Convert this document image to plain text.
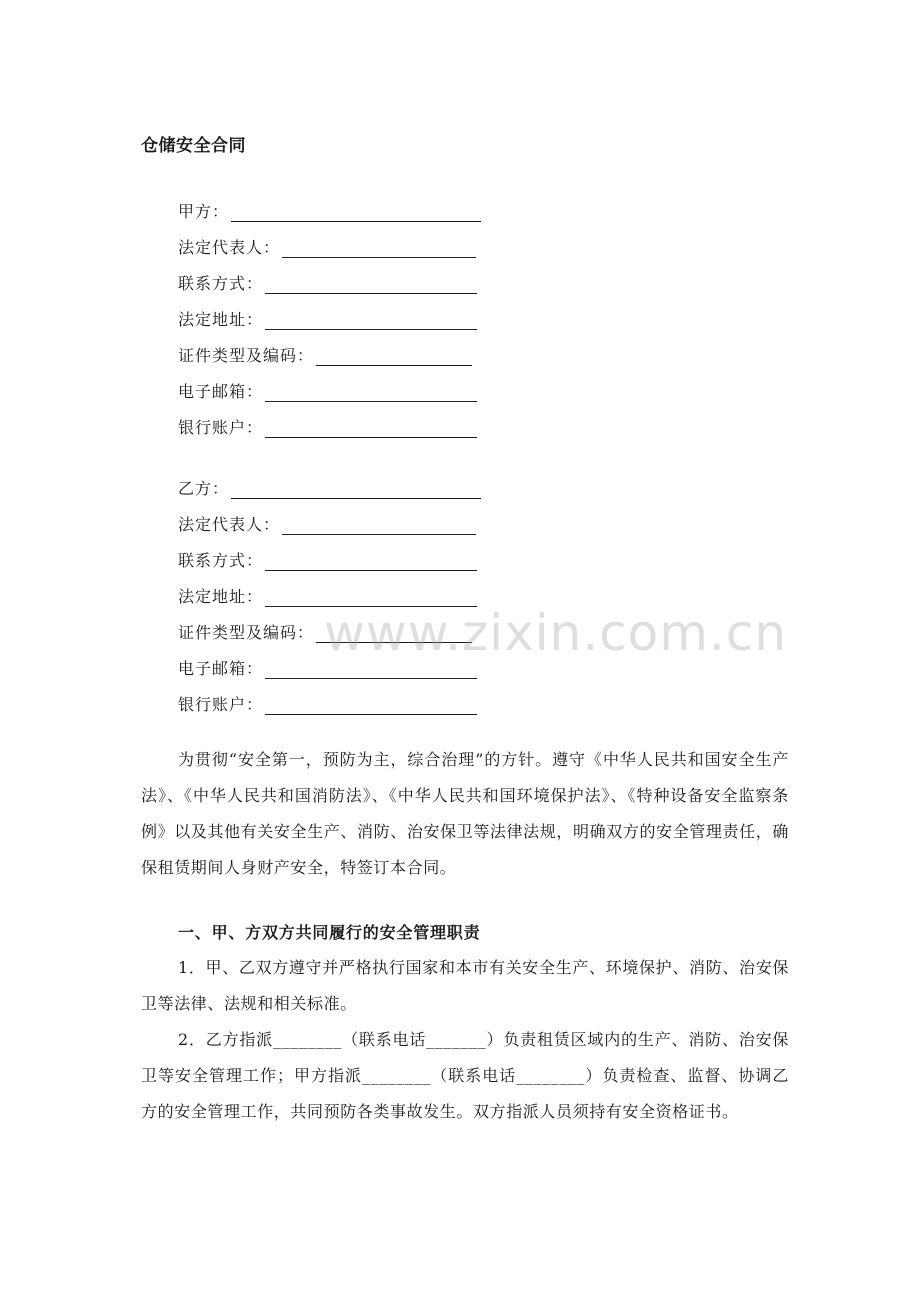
仓储安全合同
甲方：
法定代表人：
联系方式：
法定地址：
证件类型及编码：
电子邮箱：
银行账户：
乙方：
法定代表人：
联系方式：
法定地址：
证件类型及编码：
电子邮箱：
银行账户：
www.zixin.com.cn

为贯彻“安全第一，预防为主，综合治理”的方针。遵守《中华人民共和国安全生产法》、《中华人民共和国消防法》、《中华人民共和国环境保护法》、《特种设备安全监察条例》以及其他有关安全生产、消防、治安保卫等法律法规，明确双方的安全管理责任，确保租赁期间人身财产安全，特签订本合同。

一、甲、方双方共同履行的安全管理职责

1．甲、乙双方遵守并严格执行国家和本市有关安全生产、环境保护、消防、治安保卫等法律、法规和相关标准。

2．乙方指派________（联系电话_______）负责租赁区域内的生产、消防、治安保卫等安全管理工作；甲方指派________（联系电话________）负责检查、监督、协调乙方的安全管理工作，共同预防各类事故发生。双方指派人员须持有安全资格证书。
